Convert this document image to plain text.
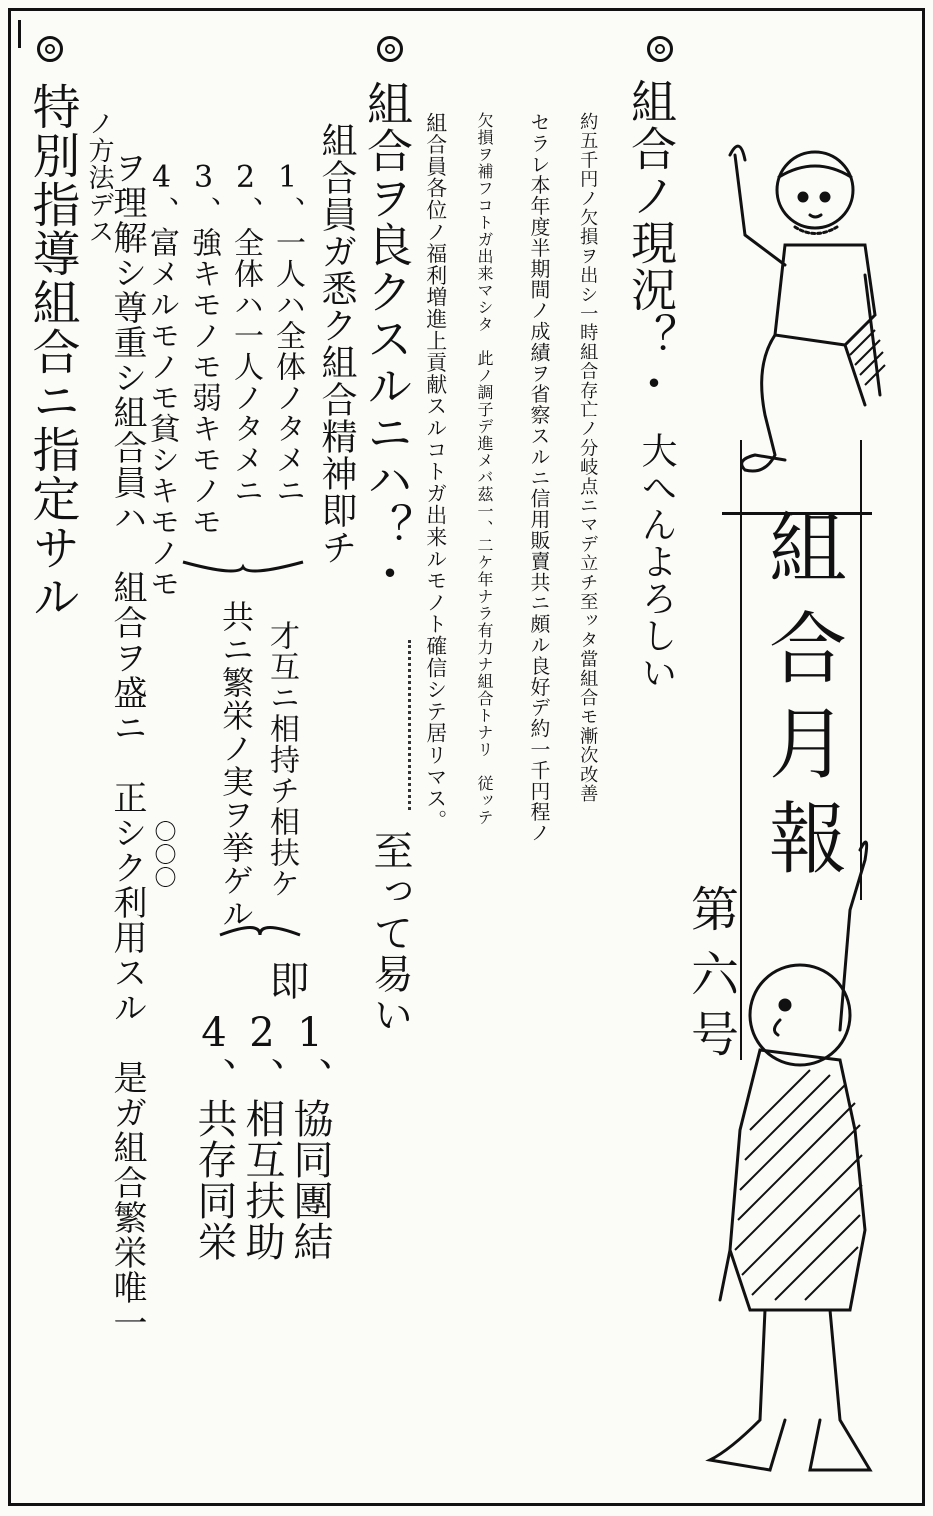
組
合
月
報
第
六
号
組合ノ現況？・
大へんよろしい
約五千円ノ欠損ヲ出シ一時組合存亡ノ分岐点ニマデ立チ至ッタ當組合モ漸次改善
セラレ本年度半期間ノ成績ヲ省察スルニ信用販賣共ニ頗ル良好デ約一千円程ノ
欠損ヲ補フコトガ出来マシタ　此ノ調子デ進メバ茲一、二ケ年ナラ有力ナ組合トナリ　従ッテ
組合員各位ノ福利増進上貢献スルコトガ出来ルモノト確信シテ居リマス。
組合ヲ良クスルニハ？・
至って易い
組合員ガ悉ク組合精神即チ
1、一人ハ全体ノタメニ
2、全体ハ一人ノタメニ
3、強キモノモ弱キモノモ
4、富メルモノモ貧シキモノモ
才互ニ相持チ相扶ケ
共ニ繁栄ノ実ヲ挙ゲル
即
1、協同團結
2、相互扶助
4、共存同栄
ヲ理解シ尊重シ組合員ハ　組合ヲ盛ニ　正シク利用スル　是ガ組合繁栄唯一
ノ方法デス
〇〇〇
特別指導組合ニ指定サル
